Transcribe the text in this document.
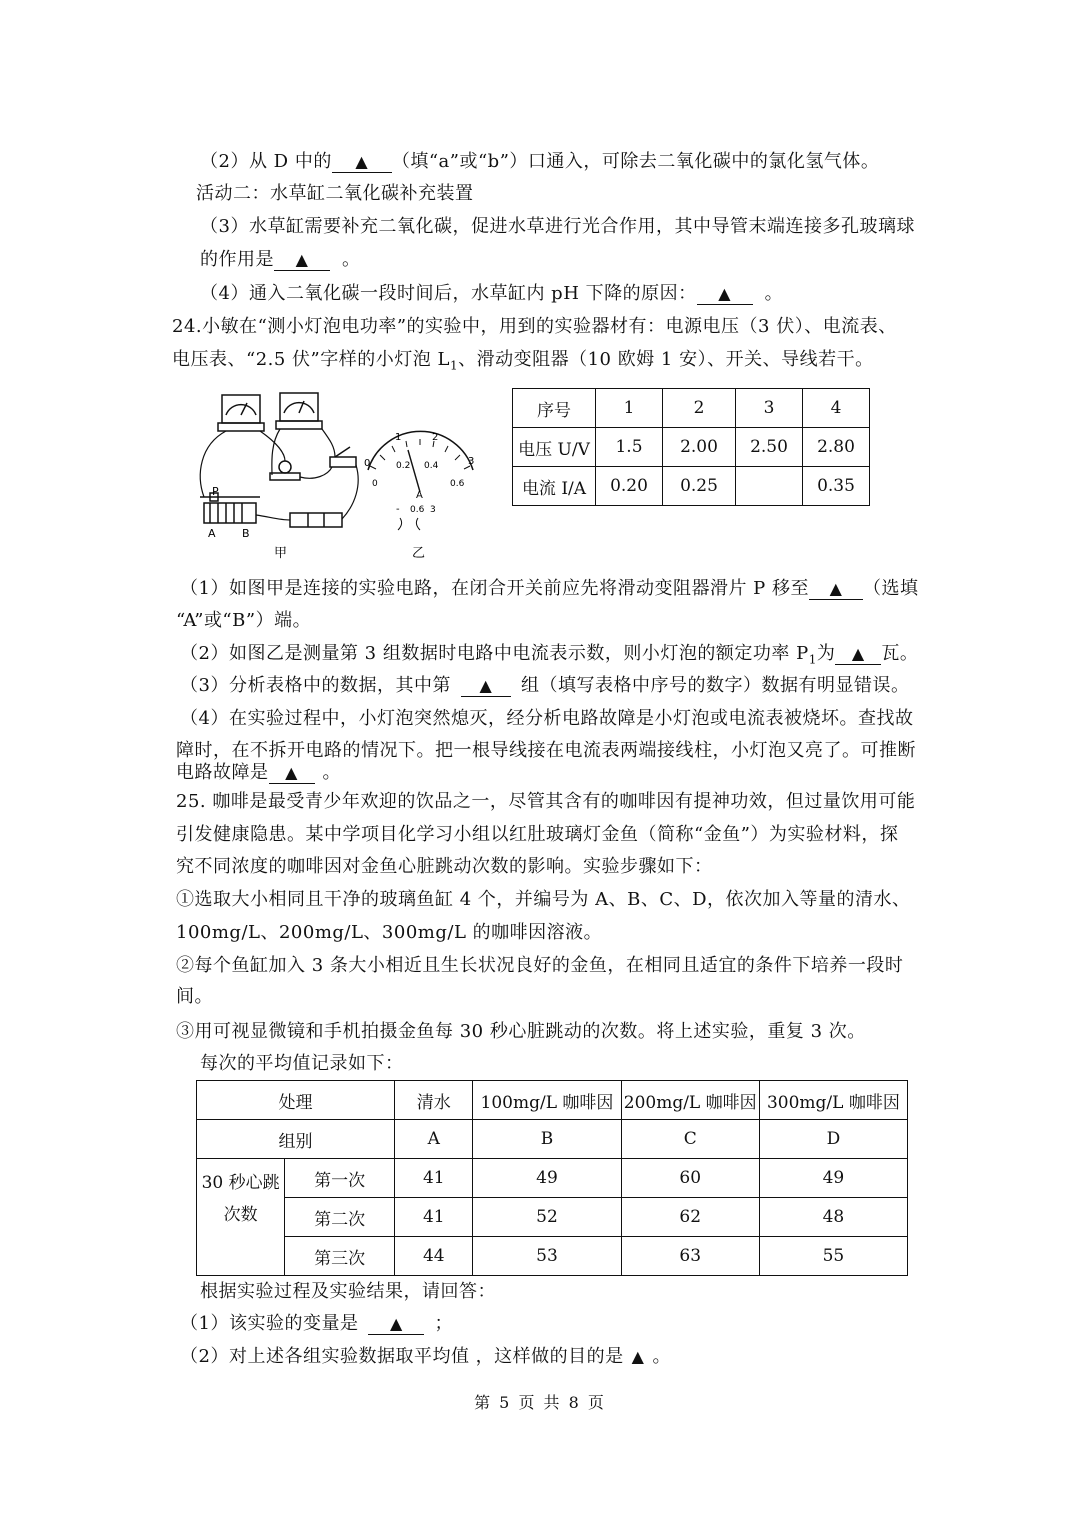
（2）从 D 中的 ▲ （填“a”或“b”）口通入，可除去二氧化碳中的氯化氢气体。
活动二：水草缸二氧化碳补充装置
（3）水草缸需要补充二氧化碳，促进水草进行光合作用，其中导管末端连接多孔玻璃球
的作用是 ▲ 。
（4）通入二氧化碳一段时间后，水草缸内 pH 下降的原因： ▲ 。
24.小敏在“测小灯泡电功率”的实验中，用到的实验器材有：电源电压（3 伏）、电流表、
电压表、“2.5 伏”字样的小灯泡 $L_1$、滑动变阻器（10 欧姆 1 安）、开关、导线若干。
P
A B
甲
0
1	2
3
0
0.2 0.4
0.6
A
- 0.6 3
乙
序号	1	2	3	4
电压 U/V	1.5	2.00	2.50	2.80
电流 I/A	0.20	0.25		0.35
（1）如图甲是连接的实验电路，在闭合开关前应先将滑动变阻器滑片 P 移至 ▲ （选填
“A”或“B”）端。
（2）如图乙是测量第 3 组数据时电路中电流表示数，则小灯泡的额定功率 $P_1$为 ▲ 瓦。
（3）分析表格中的数据，其中第 ▲ 组（填写表格中序号的数字）数据有明显错误。
（4）在实验过程中，小灯泡突然熄灭，经分析电路故障是小灯泡或电流表被烧坏。查找故
障时，在不拆开电路的情况下。把一根导线接在电流表两端接线柱，小灯泡又亮了。可推断
电路故障是 ▲ 。
25. 咖啡是最受青少年欢迎的饮品之一，尽管其含有的咖啡因有提神功效，但过量饮用可能
引发健康隐患。某中学项目化学习小组以红肚玻璃灯金鱼（简称“金鱼”）为实验材料，探
究不同浓度的咖啡因对金鱼心脏跳动次数的影响。实验步骤如下：
①选取大小相同且干净的玻璃鱼缸 4 个，并编号为 A、B、C、D，依次加入等量的清水、
100mg/L、200mg/L、300mg/L 的咖啡因溶液。
②每个鱼缸加入 3 条大小相近且生长状况良好的金鱼，在相同且适宜的条件下培养一段时
间。
③用可视显微镜和手机拍摄金鱼每 30 秒心脏跳动的次数。将上述实验，重复 3 次。
每次的平均值记录如下：
处理		清水	100mg/L 咖啡因	200mg/L 咖啡因	300mg/L 咖啡因
组别		A	B	C	D

30 秒心跳
次数	第一次	41	49	60	49
	第二次	41	52	62	48
	第三次	44	53	63	55
根据实验过程及实验结果，请回答：
（1）该实验的变量是 ▲ ；
（2）对上述各组实验数据取平均值 ，这样做的目的是 ▲ 。
第 5 页 共 8 页
